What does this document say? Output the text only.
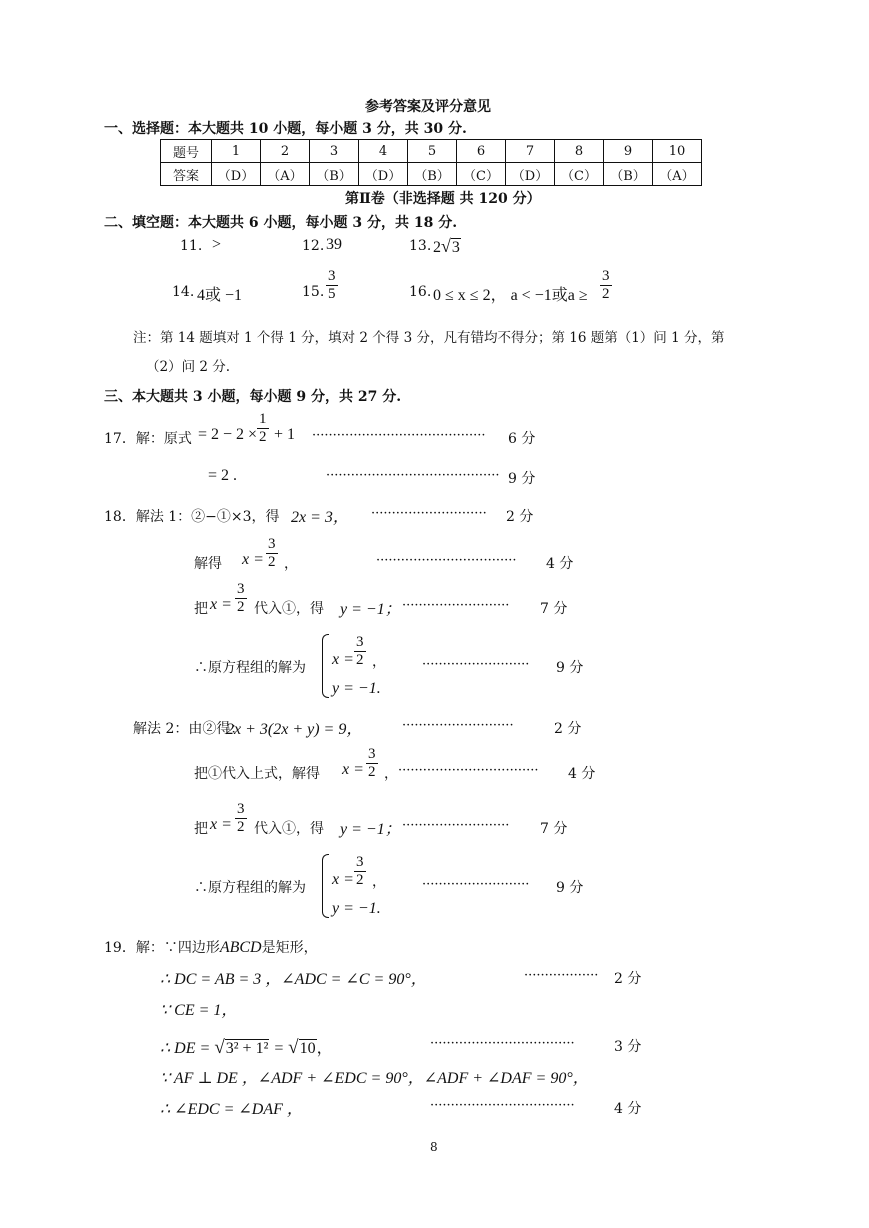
参考答案及评分意见
一、选择题：本大题共 10 小题，每小题 3 分，共 30 分.
题号	1	2	3	4	5	6	7	8	9	10
答案	（D）	（A）	（B）	（D）	（B）	（C）	（D）	（C）	（B）	（A）
第Ⅱ卷（非选择题 共 120 分）
二、填空题：本大题共 6 小题，每小题 3 分，共 18 分.
11. >	12. 39	13. 2√3
14. 4或 −1	15. $\frac{3}{5}$	16. 0 ≤ x ≤ 2， a < −1或$a \ge \frac{3}{2}$
注：第 14 题填对 1 个得 1 分，填对 2 个得 3 分，凡有错均不得分；第 16 题第（1）问 1 分，第
（2）问 2 分.
三、本大题共 3 小题，每小题 9 分，共 27 分.
17．解：原式 = $2 - 2 \times \frac{1}{2} + 1$ ·········································· 6 分
= 2 .	·········································· 9 分
18．解法 1：②−①×3，得 2x = 3， ···························· 2 分
解得 $x = \frac{3}{2}$ ，	·································· 4 分
把 $x = \frac{3}{2}$ 代入①，得 y = −1； ·························· 7 分
∴原方程组的解为 $x = \frac{3}{2}$ ，
y = −1.
·························· 9 分
解法 2：由②得：
2x + 3(2x + y) = 9，	···························	2 分
把①代入上式，解得 $x = \frac{3}{2}$ ， ·································· 4 分
把 $x = \frac{3}{2}$ 代入①，得 y = −1； ·························· 7 分
∴原方程组的解为 $x = \frac{3}{2}$ ，
y = −1.
·························· 9 分
19．解：∵四边形ABCD是矩形，
∴ DC = AB = 3 ，∠ADC = ∠C = 90°，	·················· 2 分
∵ CE = 1，
∴ DE = √3² + 1² = √10，	···································	3 分
∵ AF ⊥ DE ，∠ADF + ∠EDC = 90°，∠ADF + ∠DAF = 90°，
∴ ∠EDC = ∠DAF ，	···································	4 分
8
